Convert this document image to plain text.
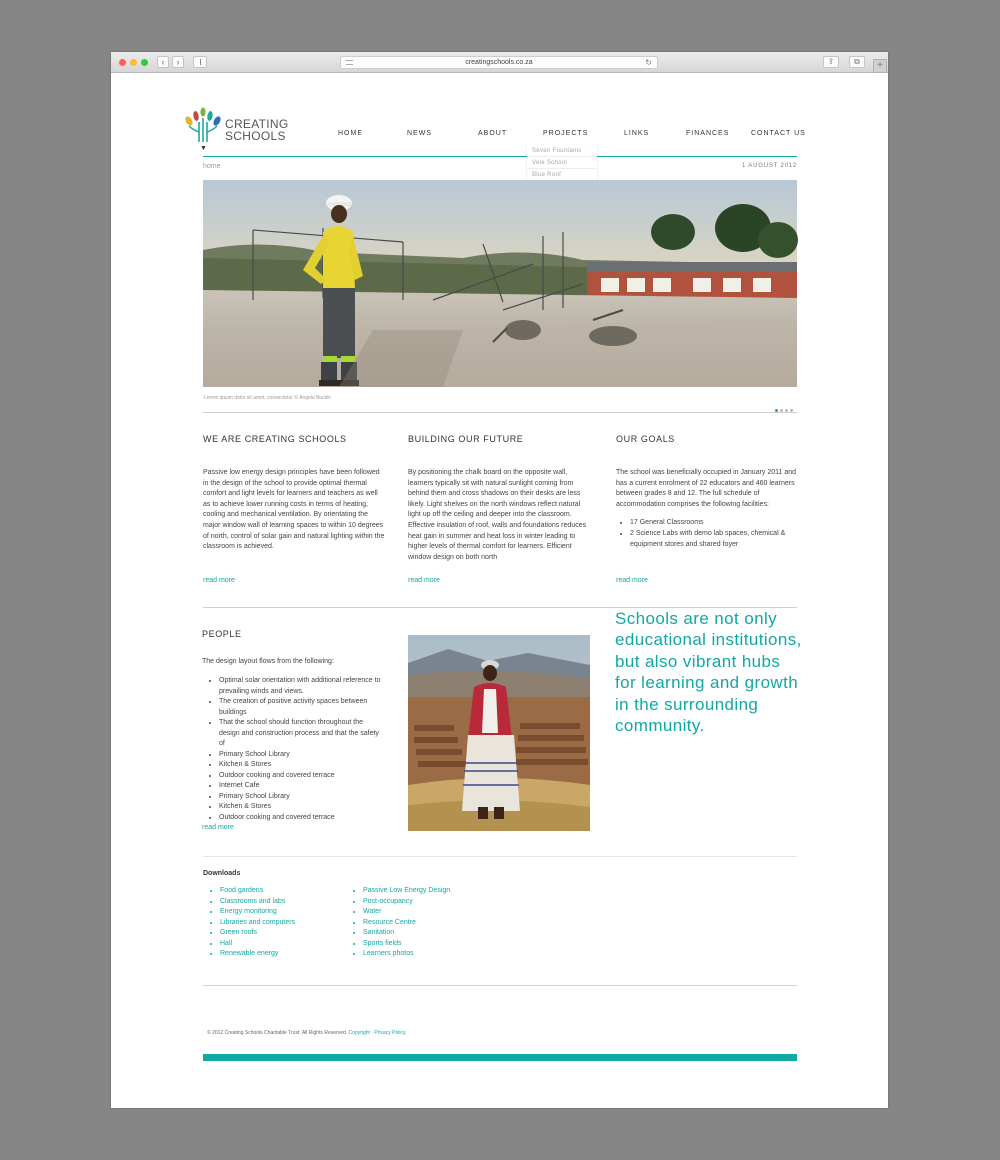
‹	›	creatingschools.co.za	↻	⇪	⧉	+
CREATING
SCHOOLS
▼
HOME	NEWS	ABOUT	PROJECTS	LINKS	FINANCES	CONTACT US
Seven Fountains
Vele School
Blue Roof
home	1 AUGUST 2012
Lorem ipsum dolor sit amet, consectetur © Angela Buckin
WE ARE CREATING SCHOOLS
Passive low energy design principles have been followed in the design of the school to provide optimal thermal comfort and light levels for learners and teachers as well as to achieve lower running costs in terms of heating, cooling and mechanical ventilation. By orientating the major window wall of learning spaces to within 10 degrees of north, control of solar gain and natural lighting within the classroom is achieved.
read more
BUILDING OUR FUTURE
By positioning the chalk board on the opposite wall, learners typically sit with natural sunlight coming from behind them and cross shadows on their desks are less likely. Light shelves on the north windows reflect natural light up off the ceiling and deeper into the classroom. Effective insulation of roof, walls and foundations reduces heat gain in summer and heat loss in winter leading to higher levels of thermal comfort for learners. Efficient window design on both north
read more
OUR GOALS
The school was beneficially occupied in January 2011 and has a current enrolment of 22 educators and 460 learners between grades 8 and 12. The full schedule of accommodation comprises the following facilities:
• 17 General Classrooms
• 2 Science Labs with demo lab spaces, chemical & equipment stores and shared foyer
read more
PEOPLE
The design layout flows from the following:
• Optimal solar orientation with additional reference to prevailing winds and views.
• The creation of positive activity spaces between buildings
• That the school should function throughout the design and construction process and that the safety of
• Primary School Library
• Kitchen & Stores
• Outdoor cooking and covered terrace
• Internet Cafe
• Primary School Library
• Kitchen & Stores
• Outdoor cooking and covered terrace
read more
Schools are not only educational institutions, but also vibrant hubs for learning and growth in the surrounding community.
Downloads
• Food gardens
• Classrooms and labs
• Energy monitoring
• Libraries and computers
• Green roofs
• Hall
• Renewable energy
• Passive Low Energy Design
• Post-occupancy
• Water
• Resource Centre
• Sanitation
• Sports fields
• Learners photos
© 2012 Creating Schools Charitable Trust. All Rights Reserved. Copyright · Privacy Policy.
